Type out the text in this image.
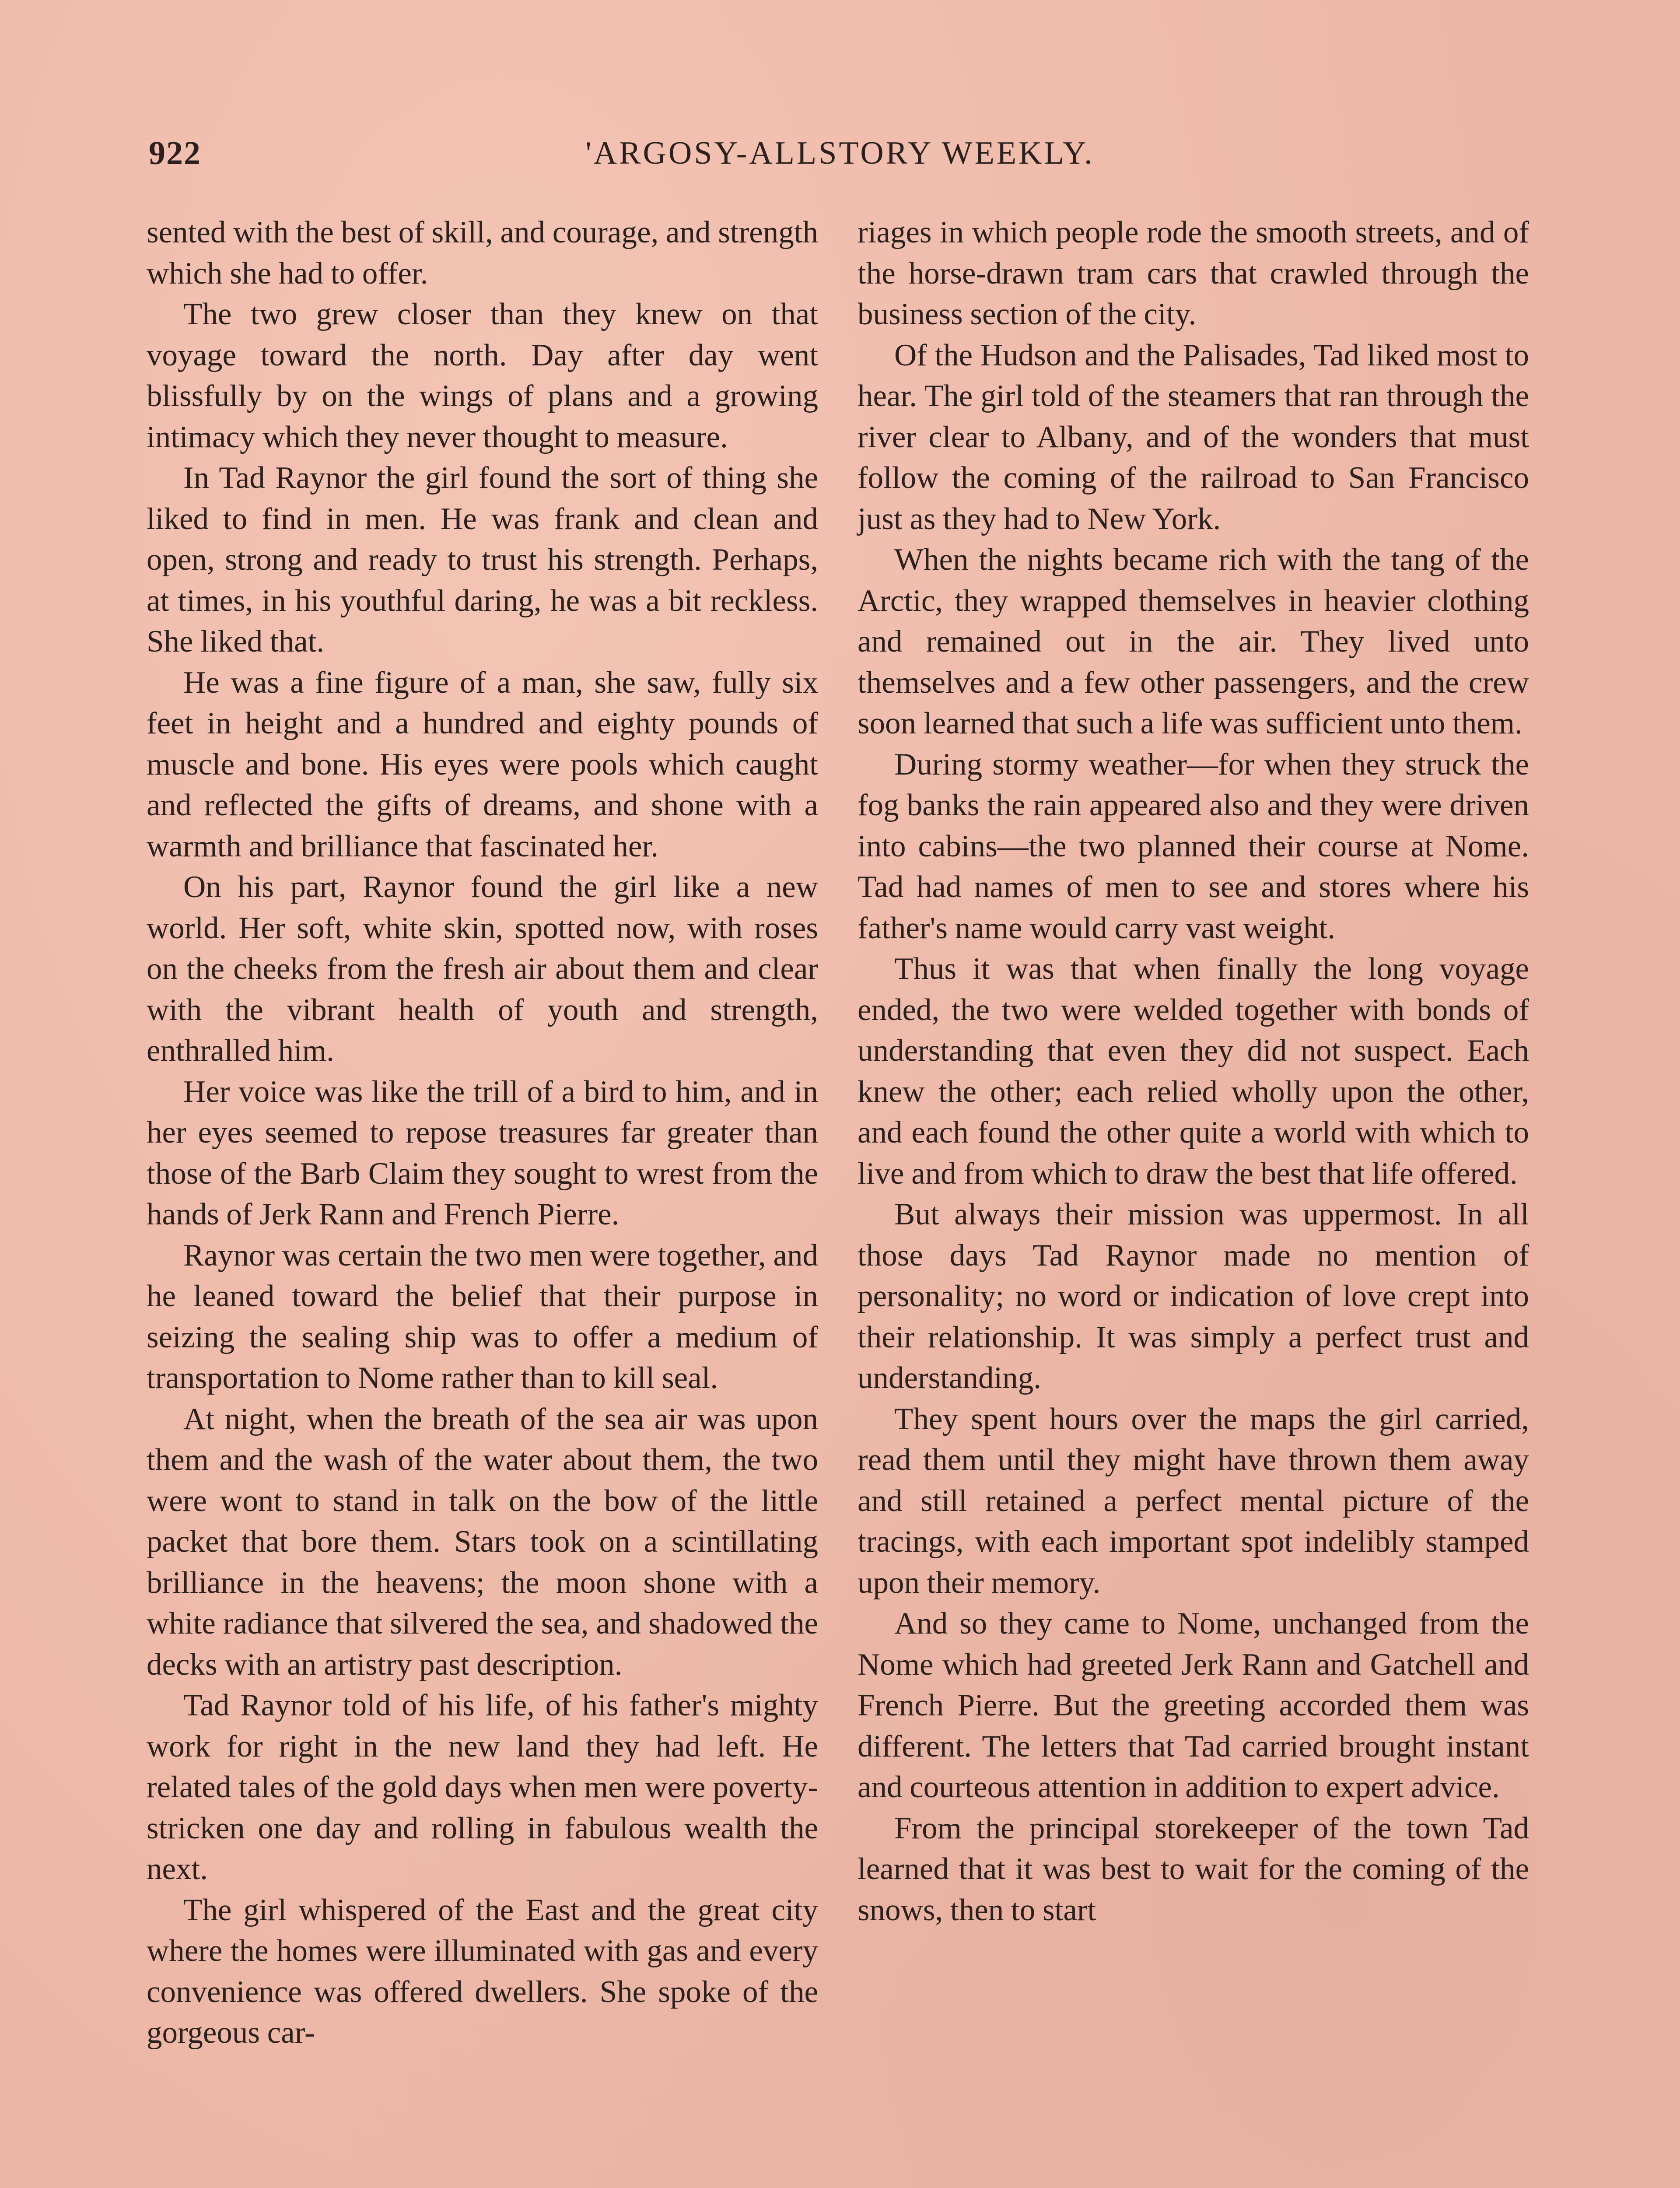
922	'ARGOSY-ALLSTORY WEEKLY.

sented with the best of skill, and courage, and strength which she had to offer.

The two grew closer than they knew on that voyage toward the north. Day after day went blissfully by on the wings of plans and a growing intimacy which they never thought to measure.

In Tad Raynor the girl found the sort of thing she liked to find in men. He was frank and clean and open, strong and ready to trust his strength. Perhaps, at times, in his youthful daring, he was a bit reckless. She liked that.

He was a fine figure of a man, she saw, fully six feet in height and a hundred and eighty pounds of muscle and bone. His eyes were pools which caught and reflected the gifts of dreams, and shone with a warmth and brilliance that fascinated her.

On his part, Raynor found the girl like a new world. Her soft, white skin, spotted now, with roses on the cheeks from the fresh air about them and clear with the vibrant health of youth and strength, enthralled him.

Her voice was like the trill of a bird to him, and in her eyes seemed to repose treasures far greater than those of the Barb Claim they sought to wrest from the hands of Jerk Rann and French Pierre.

Raynor was certain the two men were together, and he leaned toward the belief that their purpose in seizing the sealing ship was to offer a medium of transportation to Nome rather than to kill seal.

At night, when the breath of the sea air was upon them and the wash of the water about them, the two were wont to stand in talk on the bow of the little packet that bore them. Stars took on a scintillating brilliance in the heavens; the moon shone with a white radiance that silvered the sea, and shadowed the decks with an artistry past description.

Tad Raynor told of his life, of his father's mighty work for right in the new land they had left. He related tales of the gold days when men were poverty-stricken one day and rolling in fabulous wealth the next.

The girl whispered of the East and the great city where the homes were illuminated with gas and every convenience was offered dwellers. She spoke of the gorgeous car-

riages in which people rode the smooth streets, and of the horse-drawn tram cars that crawled through the business section of the city.

Of the Hudson and the Palisades, Tad liked most to hear. The girl told of the steamers that ran through the river clear to Albany, and of the wonders that must follow the coming of the railroad to San Francisco just as they had to New York.

When the nights became rich with the tang of the Arctic, they wrapped themselves in heavier clothing and remained out in the air. They lived unto themselves and a few other passengers, and the crew soon learned that such a life was sufficient unto them.

During stormy weather—for when they struck the fog banks the rain appeared also and they were driven into cabins—the two planned their course at Nome. Tad had names of men to see and stores where his father's name would carry vast weight.

Thus it was that when finally the long voyage ended, the two were welded together with bonds of understanding that even they did not suspect. Each knew the other; each relied wholly upon the other, and each found the other quite a world with which to live and from which to draw the best that life offered.

But always their mission was uppermost. In all those days Tad Raynor made no mention of personality; no word or indication of love crept into their relationship. It was simply a perfect trust and understanding.

They spent hours over the maps the girl carried, read them until they might have thrown them away and still retained a perfect mental picture of the tracings, with each important spot indelibly stamped upon their memory.

And so they came to Nome, unchanged from the Nome which had greeted Jerk Rann and Gatchell and French Pierre. But the greeting accorded them was different. The letters that Tad carried brought instant and courteous attention in addition to expert advice.

From the principal storekeeper of the town Tad learned that it was best to wait for the coming of the snows, then to start
